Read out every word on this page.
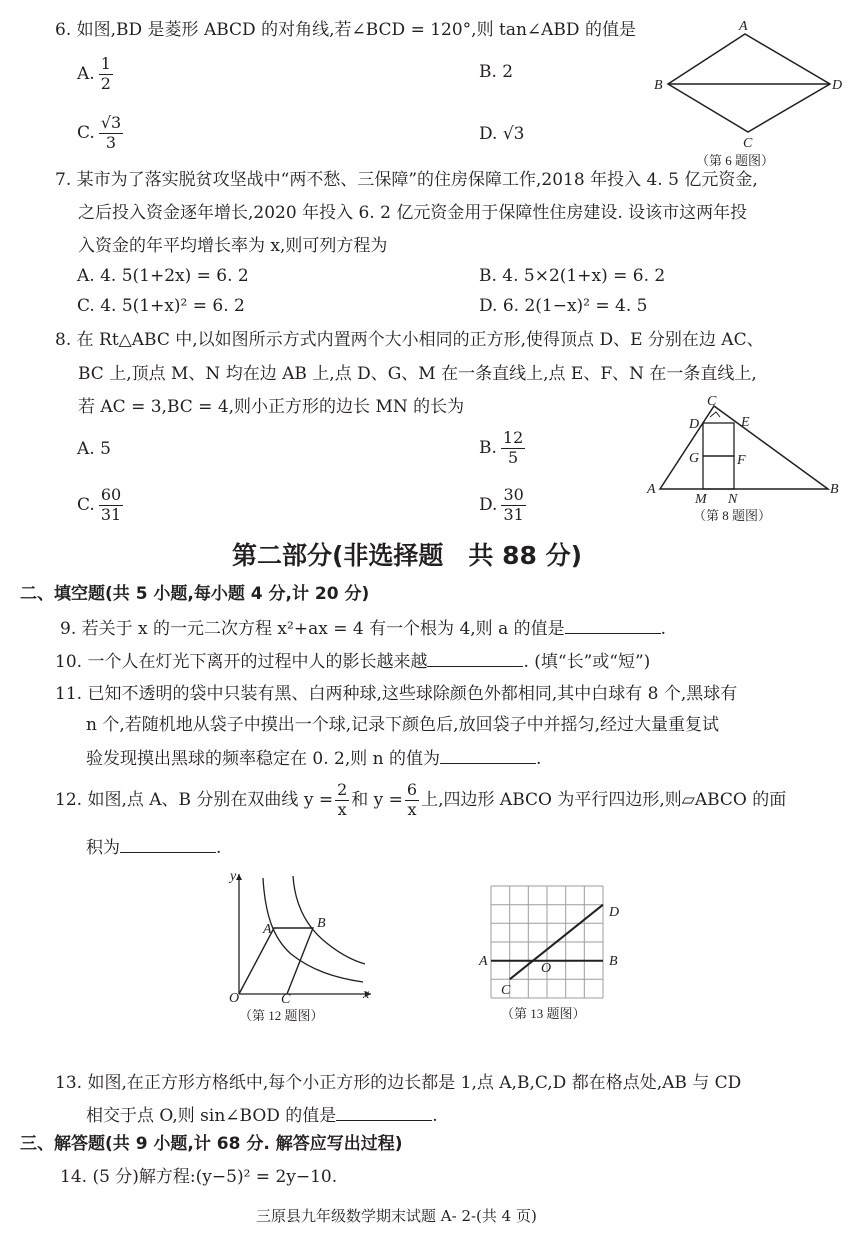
6. 如图,BD 是菱形 ABCD 的对角线,若∠BCD = 120°,则 tan∠ABD 的值是
A. $\frac{1}{2}$	B. 2
C. $\frac{√3}{3}$	D. √3
A
B
C
D
（第 6 题图）
7. 某市为了落实脱贫攻坚战中“两不愁、三保障”的住房保障工作,2018 年投入 4. 5 亿元资金,
之后投入资金逐年增长,2020 年投入 6. 2 亿元资金用于保障性住房建设. 设该市这两年投
入资金的年平均增长率为 x,则可列方程为
A. 4. 5(1+2x) = 6. 2	B. 4. 5×2(1+x) = 6. 2
C. 4. 5(1+x)² = 6. 2	D. 6. 2(1−x)² = 4. 5
8. 在 Rt△ABC 中,以如图所示方式内置两个大小相同的正方形,使得顶点 D、E 分别在边 AC、
BC 上,顶点 M、N 均在边 AB 上,点 D、G、M 在一条直线上,点 E、F、N 在一条直线上,
若 AC = 3,BC = 4,则小正方形的边长 MN 的长为
A. 5	B. $\frac{12}{5}$
C. $\frac{60}{31}$	D. $\frac{30}{31}$
C
D	E
G	F
A
M N
B
（第 8 题图）
第二部分(非选择题　共 88 分)
二、填空题(共 5 小题,每小题 4 分,计 20 分)
9. 若关于 x 的一元二次方程 x²+ax = 4 有一个根为 4,则 a 的值是	.
10. 一个人在灯光下离开的过程中人的影长越来越	. (填“长”或“短”)
11. 已知不透明的袋中只装有黑、白两种球,这些球除颜色外都相同,其中白球有 8 个,黑球有
n 个,若随机地从袋子中摸出一个球,记录下颜色后,放回袋子中并摇匀,经过大量重复试
验发现摸出黑球的频率稳定在 0. 2,则 n 的值为	.
12. 如图,点 A、B 分别在双曲线 $y = \frac{2}{x}$ 和 $y = \frac{6}{x}$ 上,四边形 ABCO 为平行四边形,则▱ABCO 的面
积为	.
y
A	B
O	C	x
（第 12 题图）
A	B
C
D
O
（第 13 题图）
13. 如图,在正方形方格纸中,每个小正方形的边长都是 1,点 A,B,C,D 都在格点处,AB 与 CD
相交于点 O,则 sin∠BOD 的值是	.
三、解答题(共 9 小题,计 68 分. 解答应写出过程)
14. (5 分)解方程:(y−5)² = 2y−10.
三原县九年级数学期末试题 A- 2-(共 4 页)
